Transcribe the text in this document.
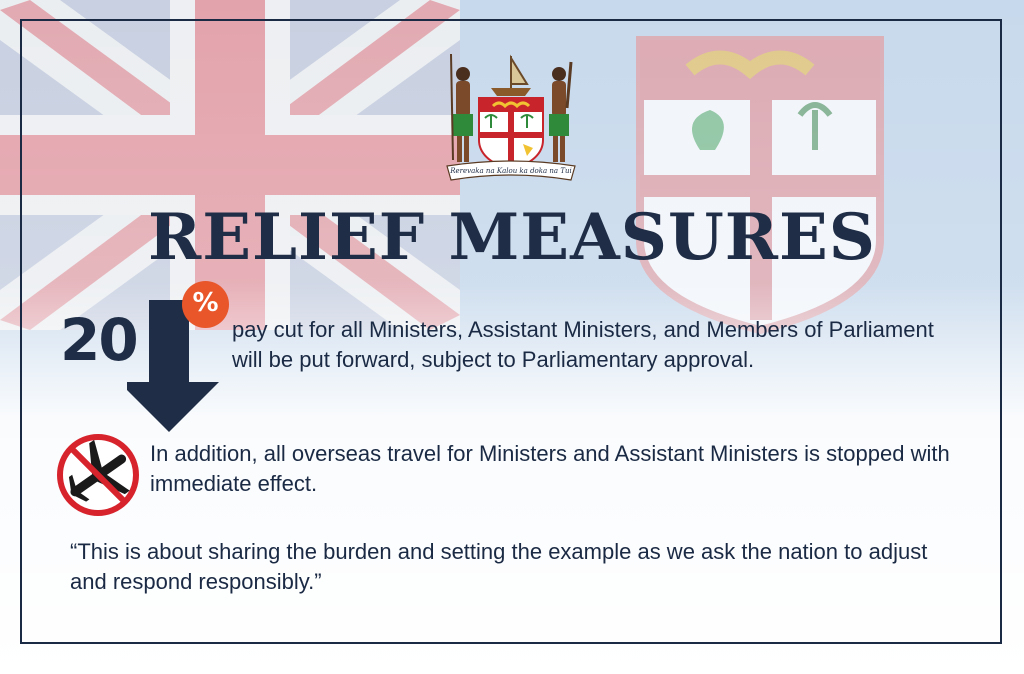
Rerevaka na Kalou ka doka na Tui
RELIEF MEASURES
20
%
pay cut for all Ministers, Assistant Ministers, and Members of Parliament will be put forward, subject to Parliamentary approval.
In addition, all overseas travel for Ministers and Assistant Ministers is stopped with immediate effect.
“This is about sharing the burden and setting the example as we ask the nation to adjust and respond responsibly.”
